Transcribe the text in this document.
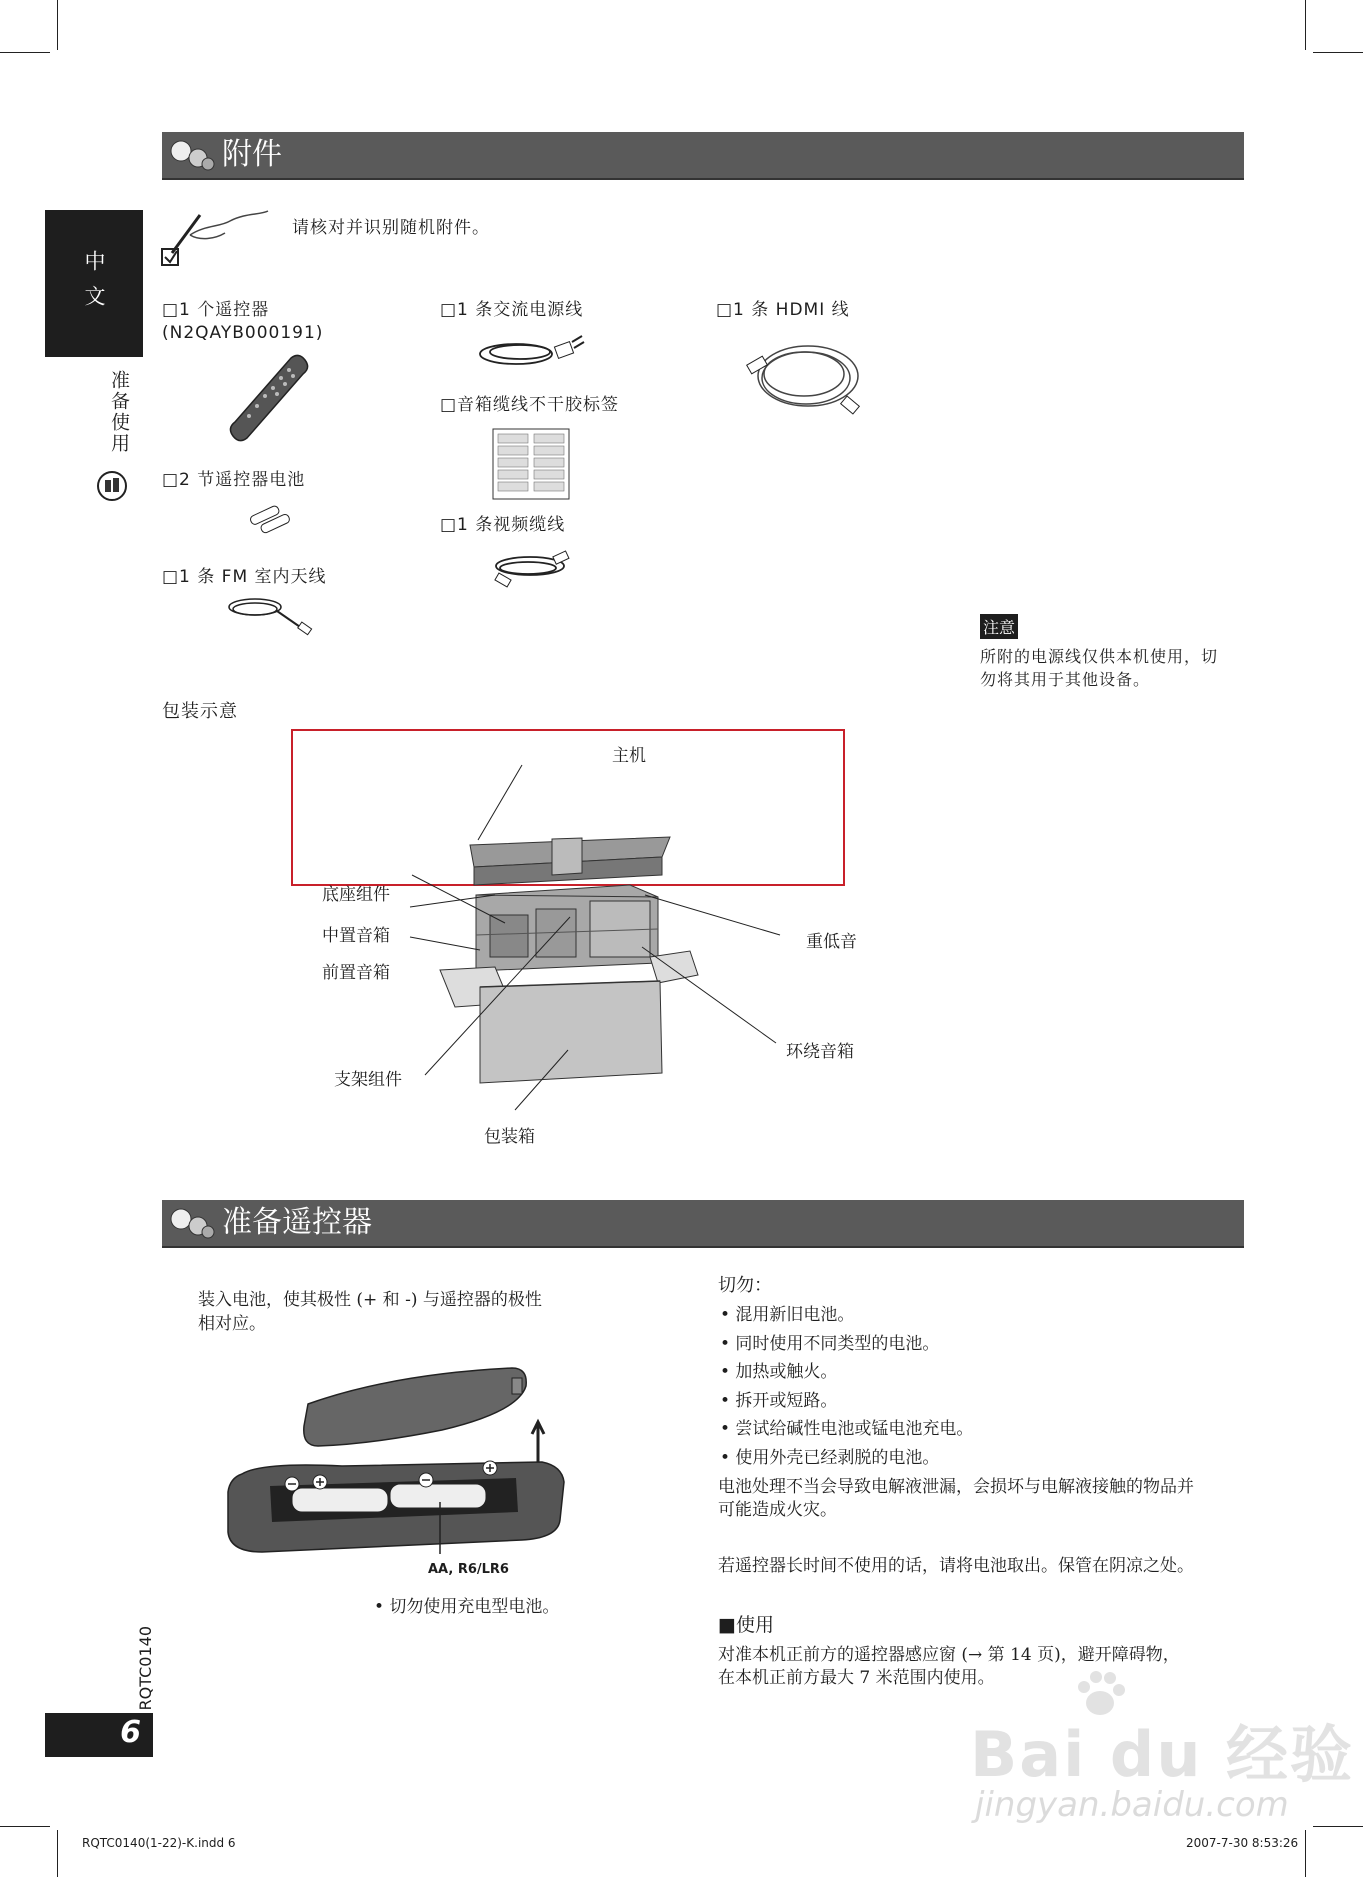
中文
准备使用
附件
请核对并识别随机附件。
□1 个遥控器
(N2QAYB000191)
□2 节遥控器电池
□1 条 FM 室内天线
□1 条交流电源线
□音箱缆线不干胶标签
□1 条视频缆线
□1 条 HDMI 线
注意
所附的电源线仅供本机使用，切
勿将其用于其他设备。
包装示意
主机
底座组件
中置音箱
前置音箱
支架组件
包装箱
重低音
环绕音箱
准备遥控器
装入电池，使其极性 (+ 和 -) 与遥控器的极性
相对应。
AA, R6/LR6
• 切勿使用充电型电池。
切勿：
• 混用新旧电池。
• 同时使用不同类型的电池。
• 加热或触火。
• 拆开或短路。
• 尝试给碱性电池或锰电池充电。
• 使用外壳已经剥脱的电池。
电池处理不当会导致电解液泄漏，会损坏与电解液接触的物品并
可能造成火灾。
若遥控器长时间不使用的话，请将电池取出。保管在阴凉之处。
■使用
对准本机正前方的遥控器感应窗 (→ 第 14 页)，避开障碍物，
在本机正前方最大 7 米范围内使用。
RQTC0140
6	Bai du 经验
jingyan.baidu.com
RQTC0140(1-22)-K.indd 6	2007-7-30 8:53:26
